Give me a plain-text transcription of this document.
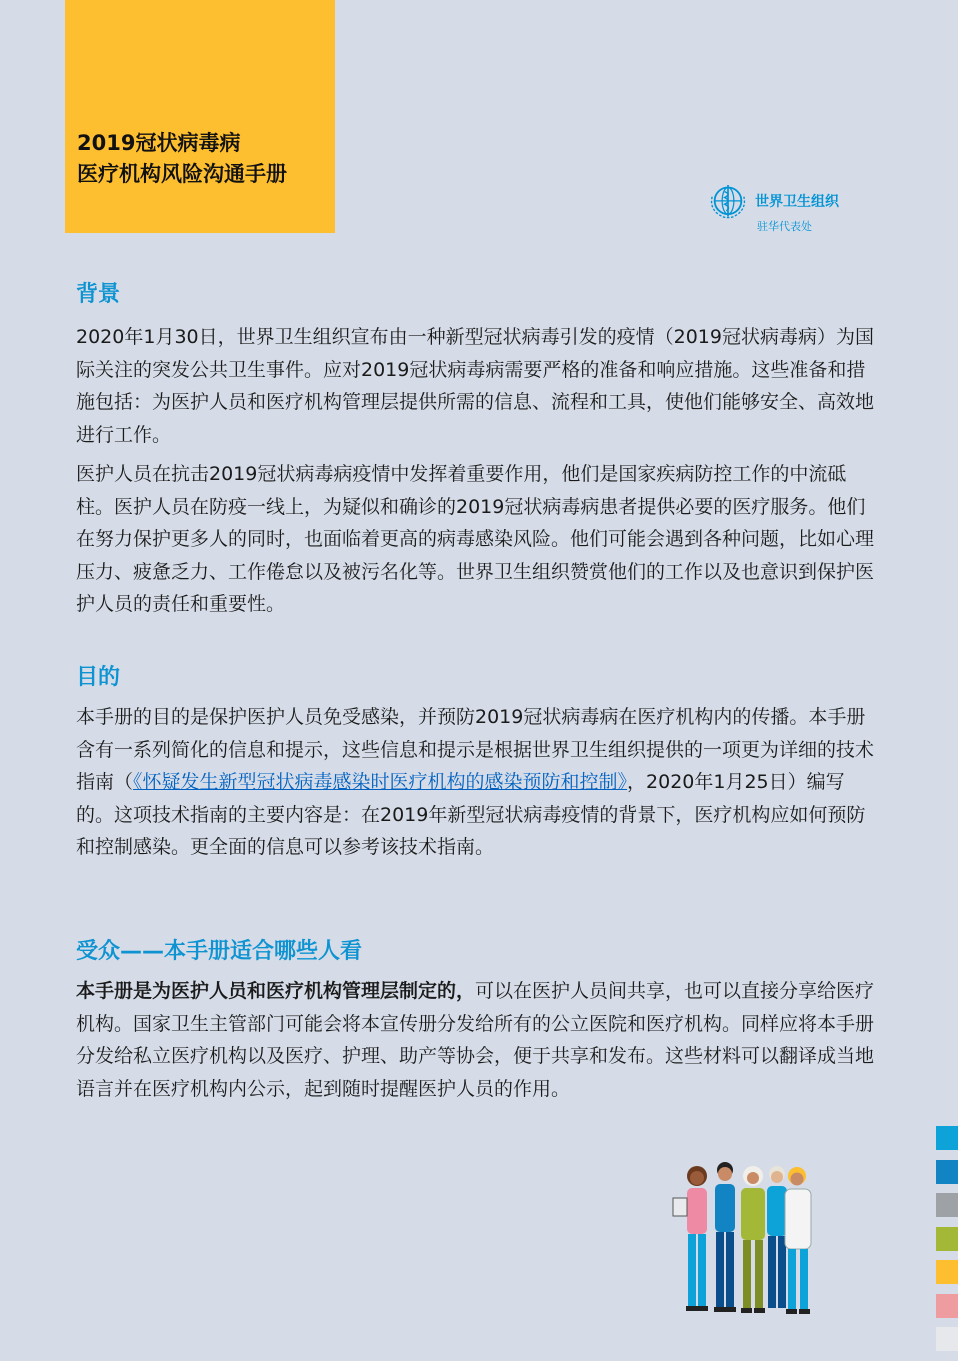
2019冠状病毒病
医疗机构风险沟通手册
世界卫生组织
驻华代表处
背景

2020年1月30日，世界卫生组织宣布由一种新型冠状病毒引发的疫情（2019冠状病毒病）为国际关注的突发公共卫生事件。应对2019冠状病毒病需要严格的准备和响应措施。这些准备和措施包括：为医护人员和医疗机构管理层提供所需的信息、流程和工具，使他们能够安全、高效地进行工作。

医护人员在抗击2019冠状病毒病疫情中发挥着重要作用，他们是国家疾病防控工作的中流砥柱。医护人员在防疫一线上，为疑似和确诊的2019冠状病毒病患者提供必要的医疗服务。他们在努力保护更多人的同时，也面临着更高的病毒感染风险。他们可能会遇到各种问题，比如心理压力、疲惫乏力、工作倦怠以及被污名化等。世界卫生组织赞赏他们的工作以及也意识到保护医护人员的责任和重要性。

目的

本手册的目的是保护医护人员免受感染，并预防2019冠状病毒病在医疗机构内的传播。本手册含有一系列简化的信息和提示，这些信息和提示是根据世界卫生组织提供的一项更为详细的技术指南（《怀疑发生新型冠状病毒感染时医疗机构的感染预防和控制》，2020年1月25日）编写的。这项技术指南的主要内容是：在2019年新型冠状病毒疫情的背景下，医疗机构应如何预防和控制感染。更全面的信息可以参考该技术指南。

受众——本手册适合哪些人看

本手册是为医护人员和医疗机构管理层制定的，可以在医护人员间共享，也可以直接分享给医疗机构。国家卫生主管部门可能会将本宣传册分发给所有的公立医院和医疗机构。同样应将本手册分发给私立医疗机构以及医疗、护理、助产等协会，便于共享和发布。这些材料可以翻译成当地语言并在医疗机构内公示，起到随时提醒医护人员的作用。
